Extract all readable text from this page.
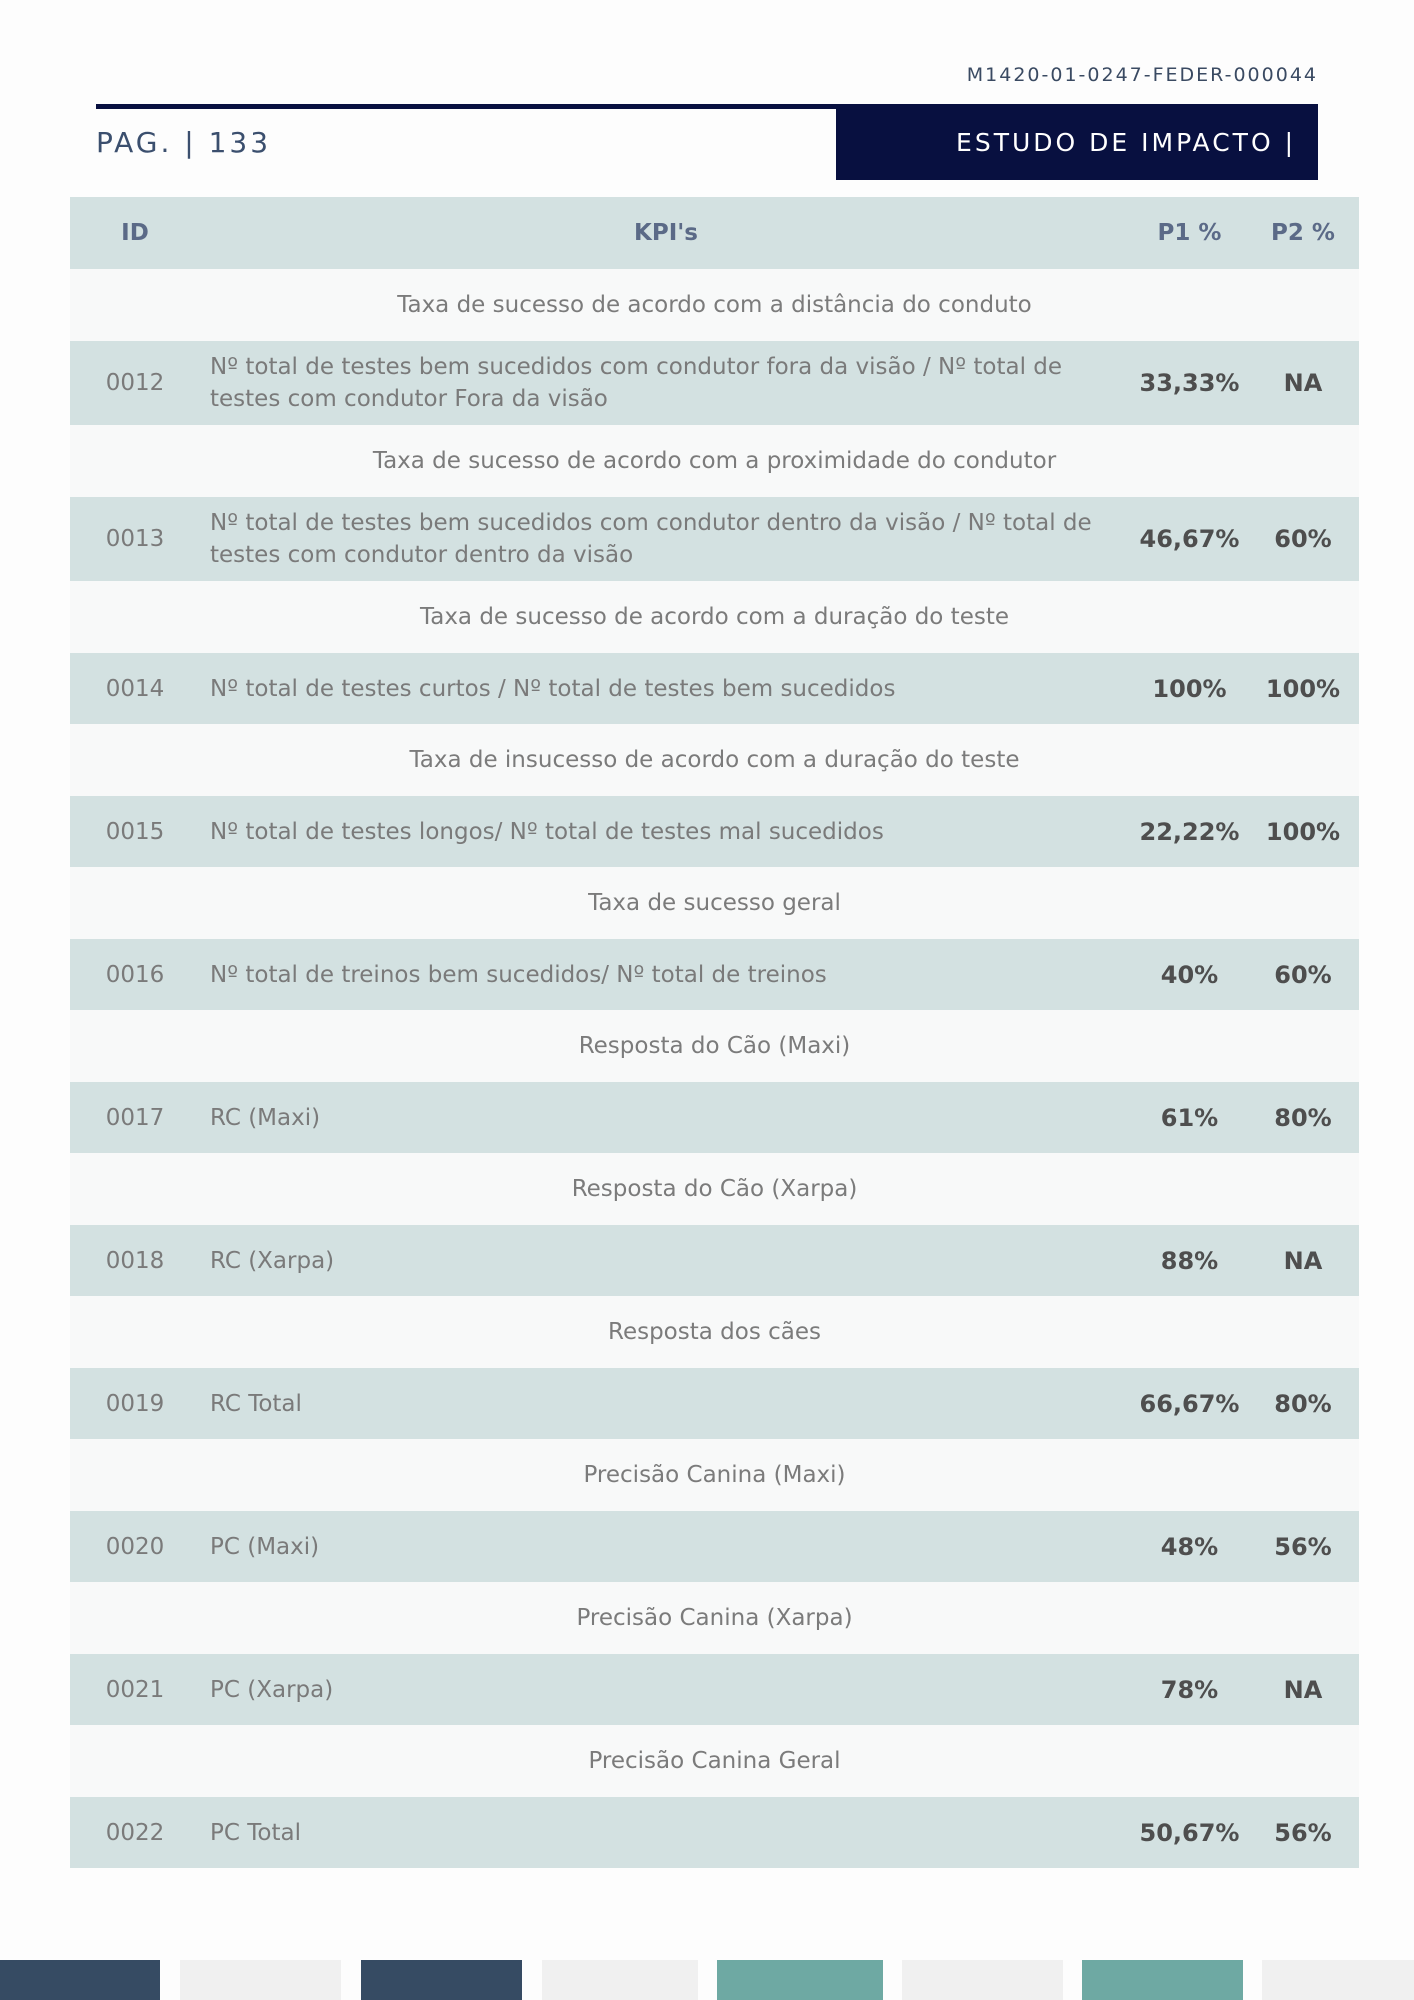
M1420-01-0247-FEDER-000044
PAG. | 133	ESTUDO DE IMPACTO |
ID	KPI's	P1 %	P2 %
Taxa de sucesso de acordo com a distância do conduto			
0012	Nº total de testes bem sucedidos com condutor fora da visão / Nº total de testes com condutor Fora da visão	33,33%	NA
Taxa de sucesso de acordo com a proximidade do condutor			
0013	Nº total de testes bem sucedidos com condutor dentro da visão / Nº total de testes com condutor dentro da visão	46,67%	60%
Taxa de sucesso de acordo com a duração do teste			
0014	Nº total de testes curtos / Nº total de testes bem sucedidos	100%	100%
Taxa de insucesso de acordo com a duração do teste			
0015	Nº total de testes longos/ Nº total de testes mal sucedidos	22,22%	100%
Taxa de sucesso geral			
0016	Nº total de treinos bem sucedidos/ Nº total de treinos	40%	60%
Resposta do Cão (Maxi)			
0017	RC (Maxi)	61%	80%
Resposta do Cão (Xarpa)			
0018	RC (Xarpa)	88%	NA
Resposta dos cães			
0019	RC Total	66,67%	80%
Precisão Canina (Maxi)			
0020	PC (Maxi)	48%	56%
Precisão Canina (Xarpa)			
0021	PC (Xarpa)	78%	NA
Precisão Canina Geral			
0022	PC Total	50,67%	56%
